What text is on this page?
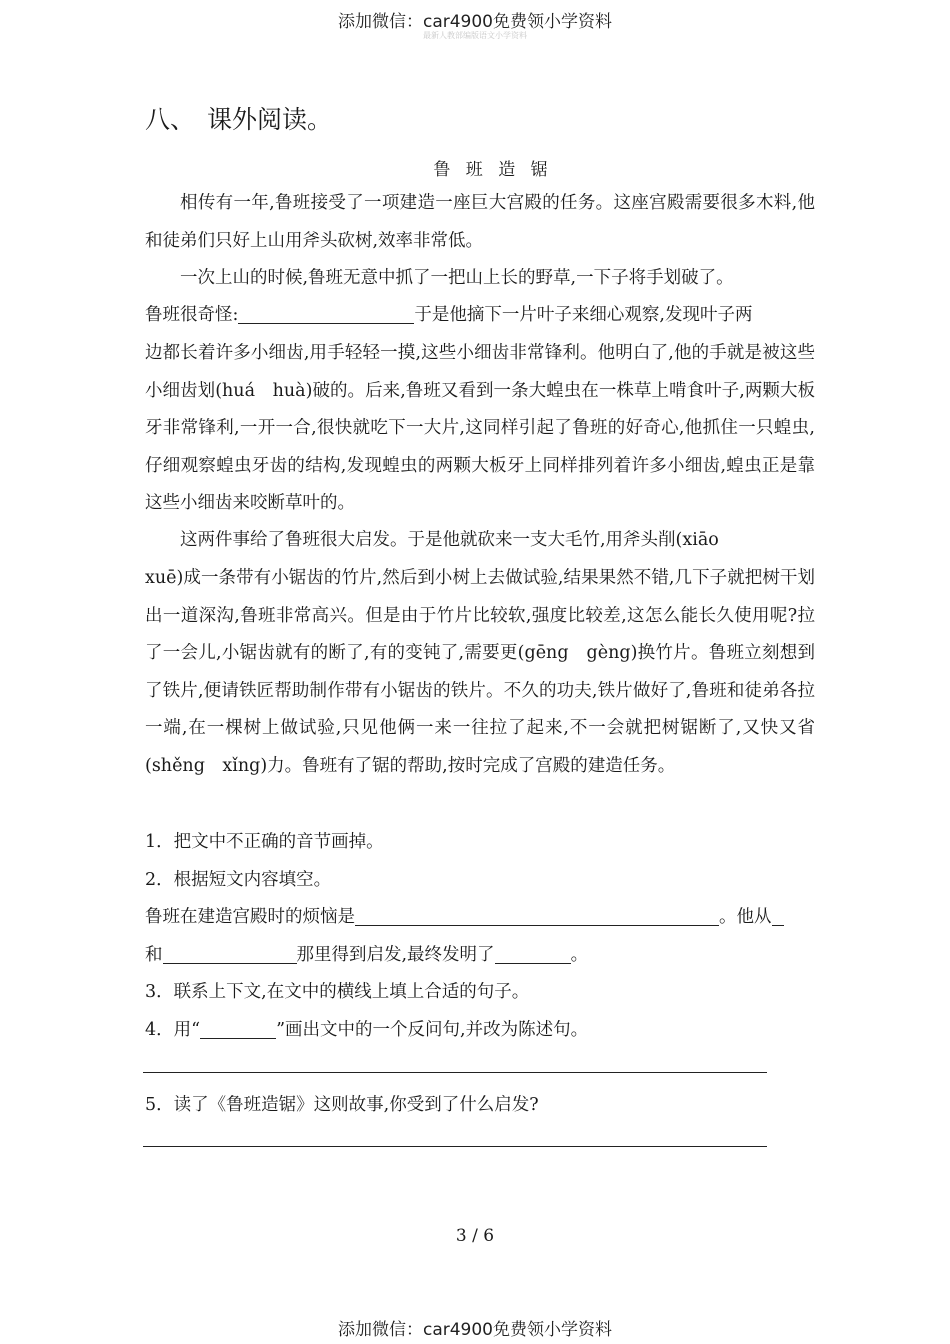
添加微信：car4900免费领小学资料
最新人教部编版语文小学资料
八、 课外阅读。
鲁 班 造 锯

相传有一年,鲁班接受了一项建造一座巨大宫殿的任务。这座宫殿需要很多木料,他和徒弟们只好上山用斧头砍树,效率非常低。

一次上山的时候,鲁班无意中抓了一把山上长的野草,一下子将手划破了。

鲁班很奇怪:	于是他摘下一片叶子来细心观察,发现叶子两

边都长着许多小细齿,用手轻轻一摸,这些小细齿非常锋利。他明白了,他的手就是被这些小细齿划(huá　huà)破的。后来,鲁班又看到一条大蝗虫在一株草上啃食叶子,两颗大板牙非常锋利,一开一合,很快就吃下一大片,这同样引起了鲁班的好奇心,他抓住一只蝗虫,仔细观察蝗虫牙齿的结构,发现蝗虫的两颗大板牙上同样排列着许多小细齿,蝗虫正是靠这些小细齿来咬断草叶的。

这两件事给了鲁班很大启发。于是他就砍来一支大毛竹,用斧头削(xiāo

xuē)成一条带有小锯齿的竹片,然后到小树上去做试验,结果果然不错,几下子就把树干划出一道深沟,鲁班非常高兴。但是由于竹片比较软,强度比较差,这怎么能长久使用呢?拉了一会儿,小锯齿就有的断了,有的变钝了,需要更(gēng　gèng)换竹片。鲁班立刻想到了铁片,便请铁匠帮助制作带有小锯齿的铁片。不久的功夫,铁片做好了,鲁班和徒弟各拉一端,在一棵树上做试验,只见他俩一来一往拉了起来,不一会就把树锯断了,又快又省(shěng　xǐng)力。鲁班有了锯的帮助,按时完成了宫殿的建造任务。

1．把文中不正确的音节画掉。
2．根据短文内容填空。
鲁班在建造宫殿时的烦恼是	。他从
和	那里得到启发,最终发明了	。
3．联系上下文,在文中的横线上填上合适的句子。
4．用“	”画出文中的一个反问句,并改为陈述句。
5．读了《鲁班造锯》这则故事,你受到了什么启发?
3 / 6
添加微信：car4900免费领小学资料
